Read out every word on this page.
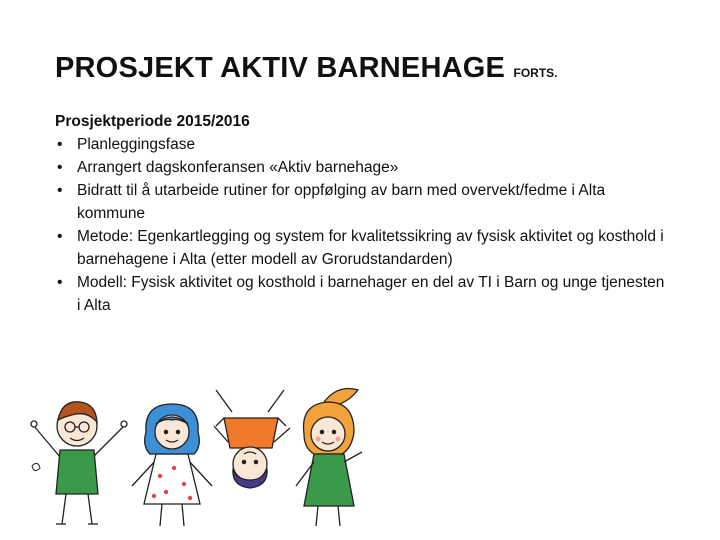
PROSJEKT AKTIV BARNEHAGE FORTS.

Prosjektperiode 2015/2016

• Planleggingsfase
• Arrangert dagskonferansen «Aktiv barnehage»
• Bidratt til å utarbeide rutiner for oppfølging av barn med overvekt/fedme i Alta kommune
• Metode: Egenkartlegging og system for kvalitetssikring av fysisk aktivitet og kosthold i barnehagene i Alta (etter modell av Grorudstandarden)
• Modell: Fysisk aktivitet og kosthold i barnehager en del av TI i Barn og unge tjenesten i Alta
